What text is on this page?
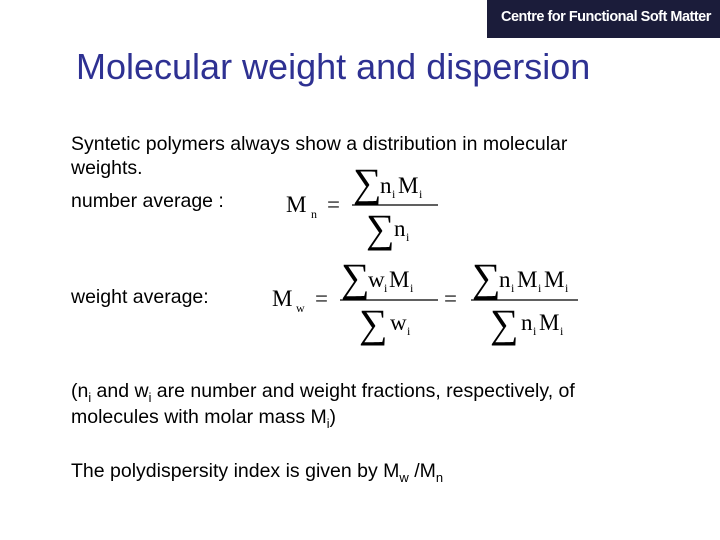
Centre for Functional Soft Matter
Molecular weight and dispersion
Syntetic polymers always show a distribution in molecular
weights.
number average :	M n = ∑
n i M i
∑ n i
weight average:	M w = ∑
w i M i
∑ w i
= ∑
n i M i M i
∑ n i M i
($n_i$ and $w_i$ are number and weight fractions, respectively, of
molecules with molar mass $M_i$)
The polydispersity index is given by $M_w$ $/M_n$
